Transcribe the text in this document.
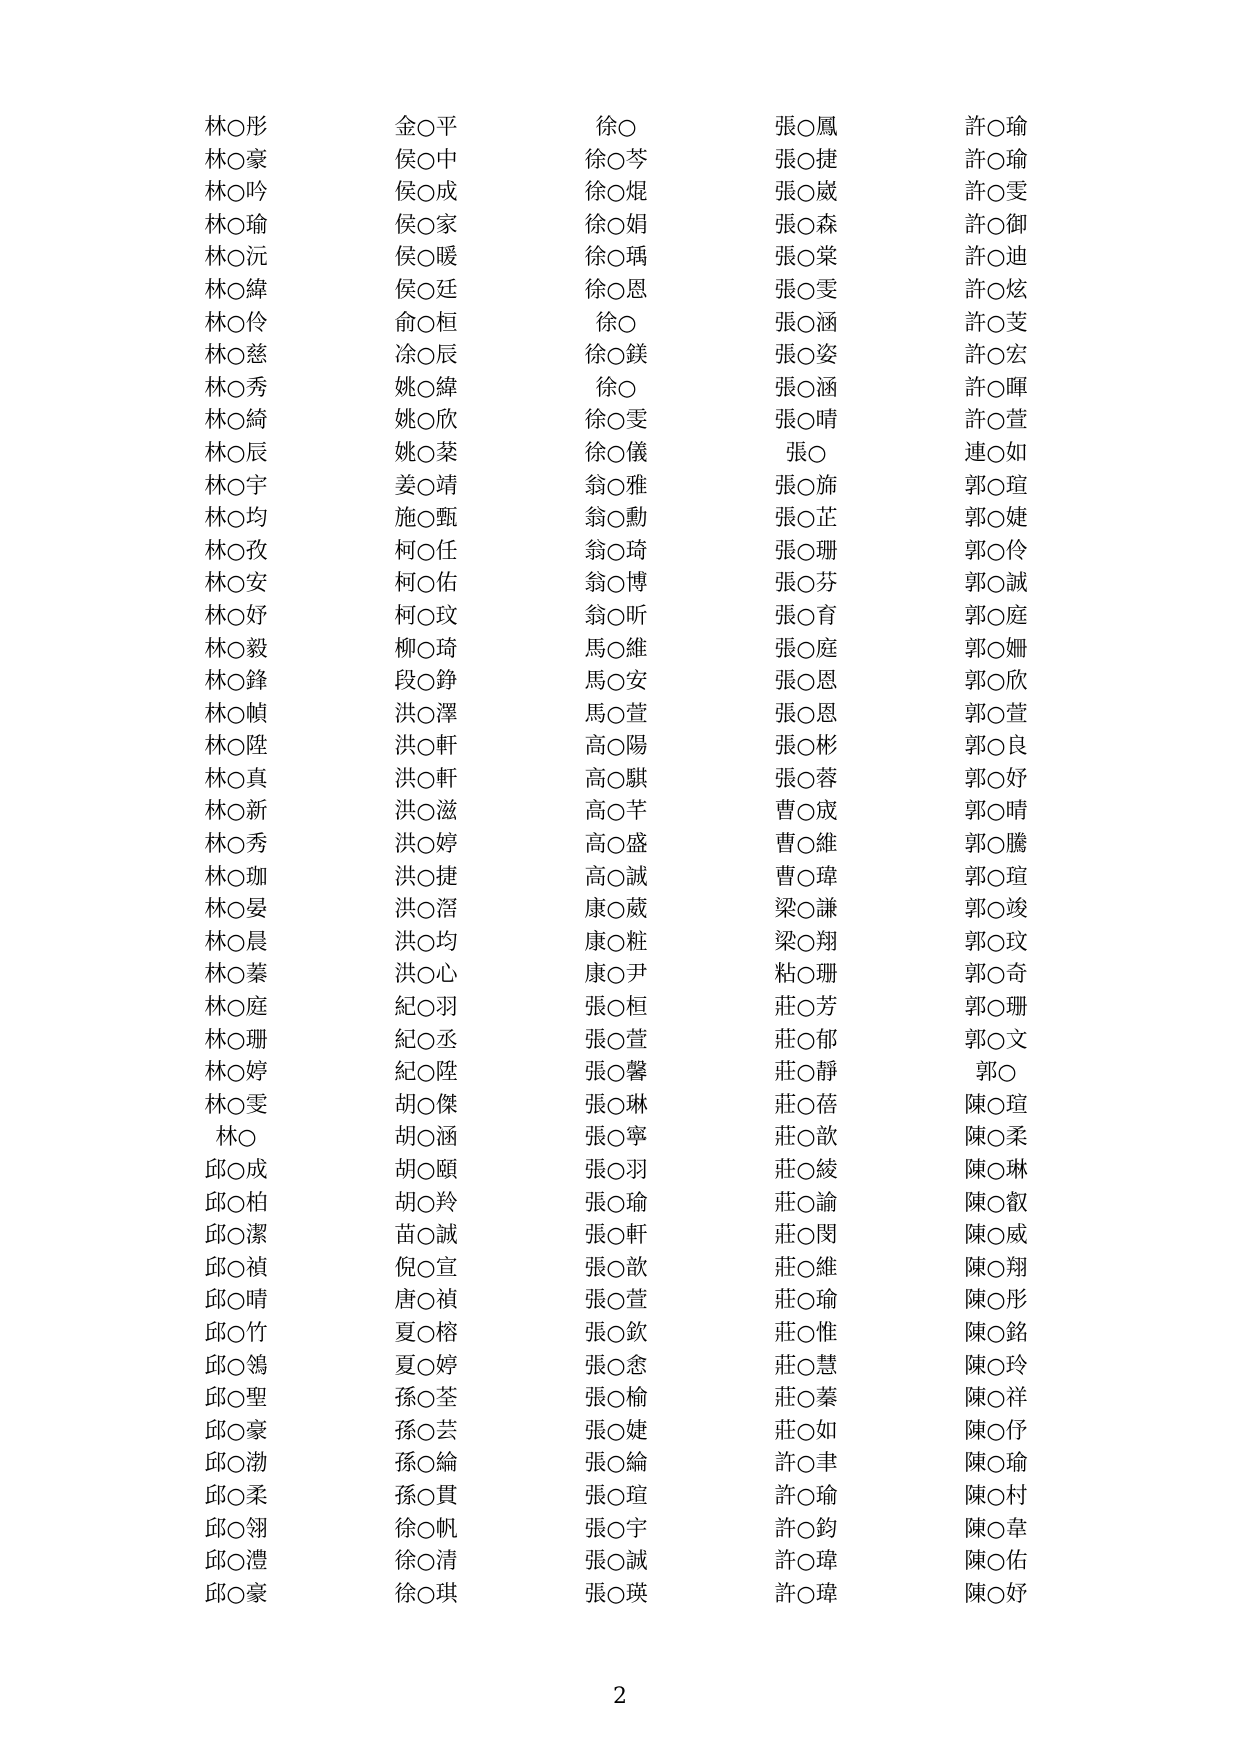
林○彤
林○豪
林○吟
林○瑜
林○沅
林○緯
林○伶
林○慈
林○秀
林○綺
林○辰
林○宇
林○均
林○孜
林○安
林○妤
林○毅
林○鋒
林○幀
林○陞
林○真
林○新
林○秀
林○珈
林○晏
林○晨
林○蓁
林○庭
林○珊
林○婷
林○雯
林○
邱○成
邱○柏
邱○潔
邱○禎
邱○晴
邱○竹
邱○鴒
邱○聖
邱○豪
邱○渤
邱○柔
邱○翎
邱○澧
邱○豪
金○平
侯○中
侯○成
侯○家
侯○暖
侯○廷
俞○桓
凃○辰
姚○緯
姚○欣
姚○棻
姜○靖
施○甄
柯○任
柯○佑
柯○玟
柳○琦
段○錚
洪○澤
洪○軒
洪○軒
洪○滋
洪○婷
洪○捷
洪○滘
洪○均
洪○心
紀○羽
紀○丞
紀○陞
胡○傑
胡○涵
胡○頤
胡○羚
苗○誠
倪○宣
唐○禎
夏○榕
夏○婷
孫○荃
孫○芸
孫○綸
孫○貫
徐○帆
徐○清
徐○琪
徐○
徐○芩
徐○焜
徐○娟
徐○瑀
徐○恩
徐○
徐○鎂
徐○
徐○雯
徐○儀
翁○雅
翁○勳
翁○琦
翁○博
翁○昕
馬○維
馬○安
馬○萱
高○陽
高○騏
高○芊
高○盛
高○誠
康○葳
康○粧
康○尹
張○桓
張○萱
張○馨
張○琳
張○寧
張○羽
張○瑜
張○軒
張○歆
張○萱
張○欽
張○悆
張○榆
張○婕
張○綸
張○瑄
張○宇
張○誠
張○瑛
張○鳳
張○捷
張○崴
張○森
張○棠
張○雯
張○涵
張○姿
張○涵
張○晴
張○
張○旆
張○芷
張○珊
張○芬
張○育
張○庭
張○恩
張○恩
張○彬
張○蓉
曹○宬
曹○維
曹○瑋
梁○謙
梁○翔
粘○珊
莊○芳
莊○郁
莊○靜
莊○蓓
莊○歆
莊○綾
莊○諭
莊○閔
莊○維
莊○瑜
莊○惟
莊○慧
莊○蓁
莊○如
許○聿
許○瑜
許○鈞
許○瑋
許○瑋
許○瑜
許○瑜
許○雯
許○御
許○迪
許○炫
許○芰
許○宏
許○暉
許○萱
連○如
郭○瑄
郭○婕
郭○伶
郭○誠
郭○庭
郭○姍
郭○欣
郭○萱
郭○良
郭○妤
郭○晴
郭○騰
郭○瑄
郭○竣
郭○玟
郭○奇
郭○珊
郭○文
郭○
陳○瑄
陳○柔
陳○琳
陳○叡
陳○威
陳○翔
陳○彤
陳○銘
陳○玲
陳○祥
陳○伃
陳○瑜
陳○村
陳○韋
陳○佑
陳○妤
2
